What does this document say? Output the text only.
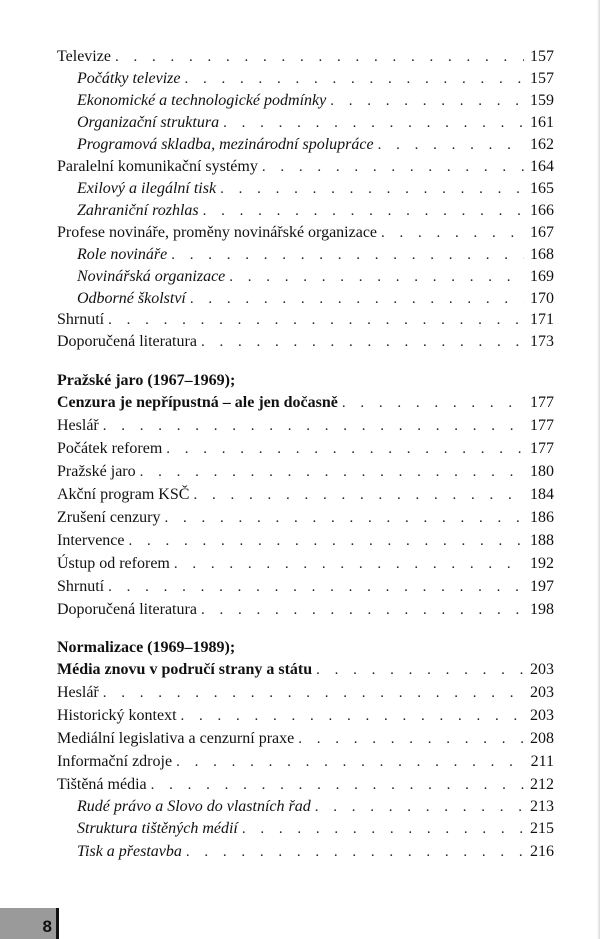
Televize . . .	157
Počátky televize . . .	157
Ekonomické a technologické podmínky . . .	159
Organizační struktura . . .	161
Programová skladba, mezinárodní spolupráce . . .	162
Paralelní komunikační systémy . . .	164
Exilový a ilegální tisk . . .	165
Zahraniční rozhlas . . .	166
Profese novináře, proměny novinářské organizace . . .	167
Role novináře . . .	168
Novinářská organizace . . .	169
Odborné školství . . .	170
Shrnutí . . .	171
Doporučená literatura . . .	173
Pražské jaro (1967–1969);
Cenzura je nepřípustná – ale jen dočasně . . .	177
Heslář . . .	177
Počátek reforem . . .	177
Pražské jaro . . .	180
Akční program KSČ . . .	184
Zrušení cenzury . . .	186
Intervence . . .	188
Ústup od reforem . . .	192
Shrnutí . . .	197
Doporučená literatura . . .	198
Normalizace (1969–1989);
Média znovu v područí strany a státu . . .	203
Heslář . . .	203
Historický kontext . . .	203
Mediální legislativa a cenzurní praxe . . .	208
Informační zdroje . . .	211
Tištěná média . . .	212
Rudé právo a Slovo do vlastních řad . . .	213
Struktura tištěných médií . . .	215
Tisk a přestavba . . .	216
8
